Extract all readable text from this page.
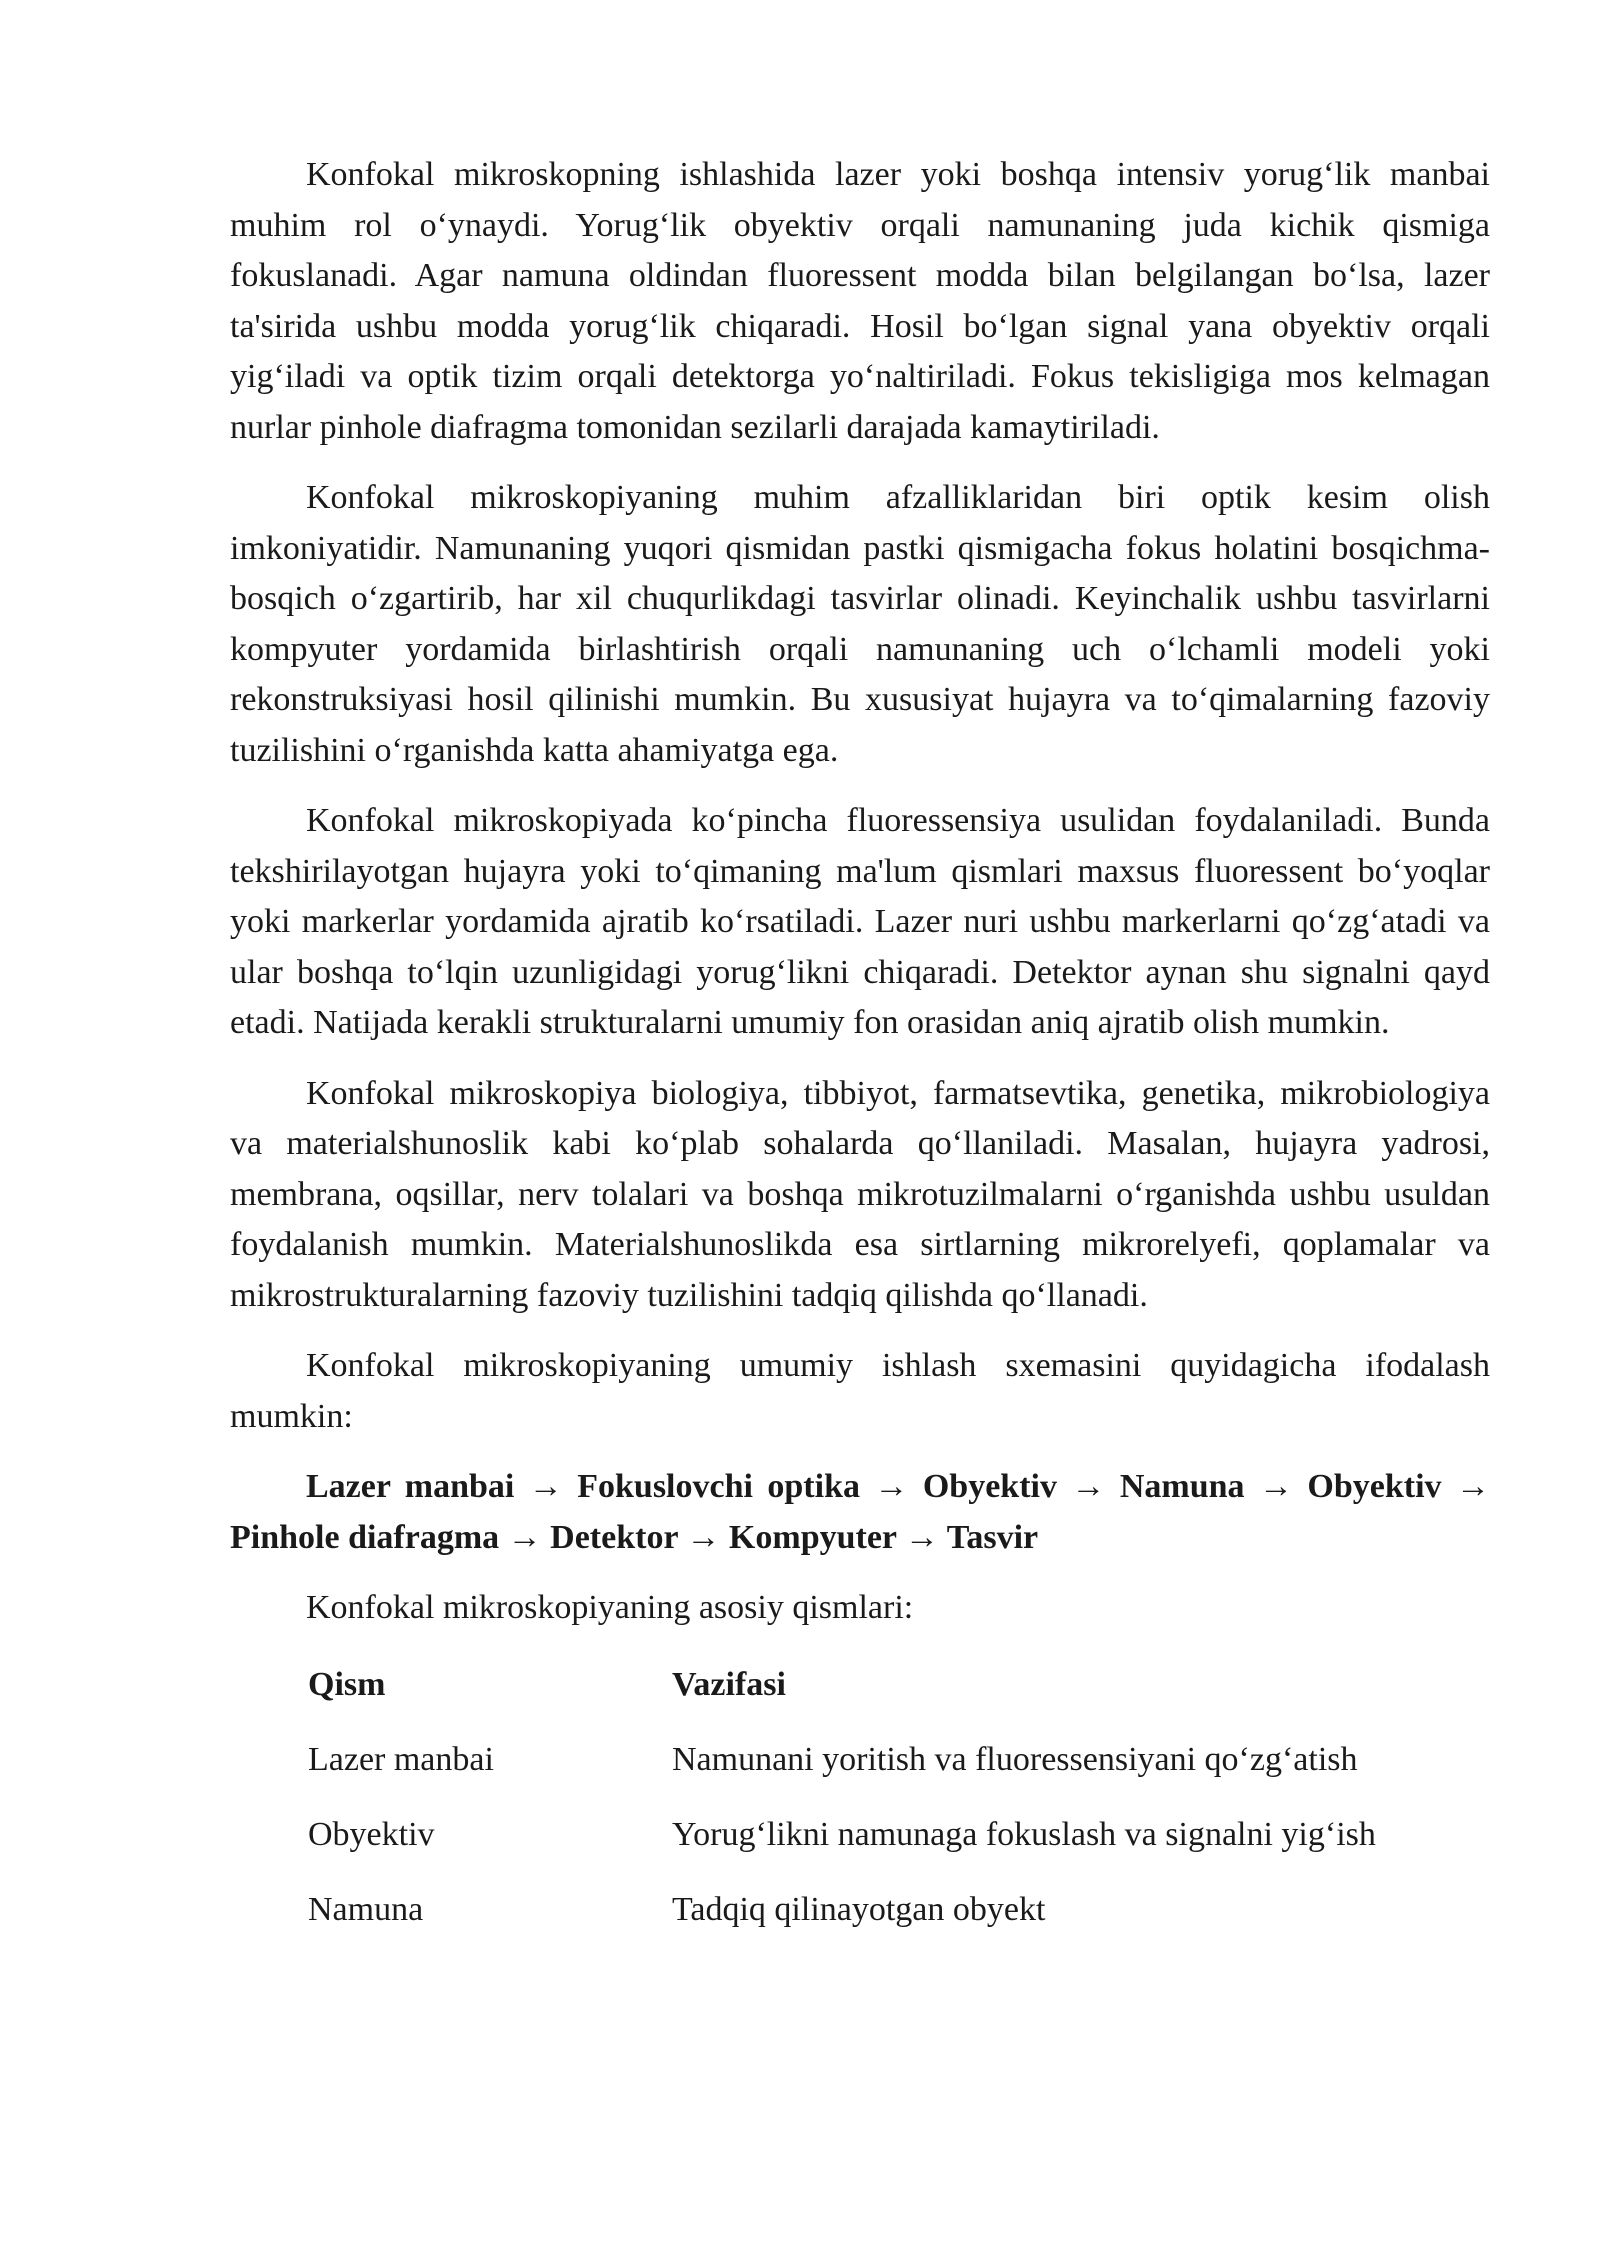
Konfokal mikroskopning ishlashida lazer yoki boshqa intensiv yorug‘lik manbai muhim rol o‘ynaydi. Yorug‘lik obyektiv orqali namunaning juda kichik qismiga fokuslanadi. Agar namuna oldindan fluoressent modda bilan belgilangan bo‘lsa, lazer ta'sirida ushbu modda yorug‘lik chiqaradi. Hosil bo‘lgan signal yana obyektiv orqali yig‘iladi va optik tizim orqali detektorga yo‘naltiriladi. Fokus tekisligiga mos kelmagan nurlar pinhole diafragma tomonidan sezilarli darajada kamaytiriladi.

Konfokal mikroskopiyaning muhim afzalliklaridan biri optik kesim olish imkoniyatidir. Namunaning yuqori qismidan pastki qismigacha fokus holatini bosqichma-bosqich o‘zgartirib, har xil chuqurlikdagi tasvirlar olinadi. Keyinchalik ushbu tasvirlarni kompyuter yordamida birlashtirish orqali namunaning uch o‘lchamli modeli yoki rekonstruksiyasi hosil qilinishi mumkin. Bu xususiyat hujayra va to‘qimalarning fazoviy tuzilishini o‘rganishda katta ahamiyatga ega.

Konfokal mikroskopiyada ko‘pincha fluoressensiya usulidan foydalaniladi. Bunda tekshirilayotgan hujayra yoki to‘qimaning ma'lum qismlari maxsus fluoressent bo‘yoqlar yoki markerlar yordamida ajratib ko‘rsatiladi. Lazer nuri ushbu markerlarni qo‘zg‘atadi va ular boshqa to‘lqin uzunligidagi yorug‘likni chiqaradi. Detektor aynan shu signalni qayd etadi. Natijada kerakli strukturalarni umumiy fon orasidan aniq ajratib olish mumkin.

Konfokal mikroskopiya biologiya, tibbiyot, farmatsevtika, genetika, mikrobiologiya va materialshunoslik kabi ko‘plab sohalarda qo‘llaniladi. Masalan, hujayra yadrosi, membrana, oqsillar, nerv tolalari va boshqa mikrotuzilmalarni o‘rganishda ushbu usuldan foydalanish mumkin. Materialshunoslikda esa sirtlarning mikrorelyefi, qoplamalar va mikrostrukturalarning fazoviy tuzilishini tadqiq qilishda qo‘llanadi.

Konfokal mikroskopiyaning umumiy ishlash sxemasini quyidagicha ifodalash mumkin:

Lazer manbai → Fokuslovchi optika → Obyektiv → Namuna → Obyektiv → Pinhole diafragma → Detektor → Kompyuter → Tasvir

Konfokal mikroskopiyaning asosiy qismlari:

Qism	Vazifasi
Lazer manbai	Namunani yoritish va fluoressensiyani qo‘zg‘atish
Obyektiv	Yorug‘likni namunaga fokuslash va signalni yig‘ish
Namuna	Tadqiq qilinayotgan obyekt
